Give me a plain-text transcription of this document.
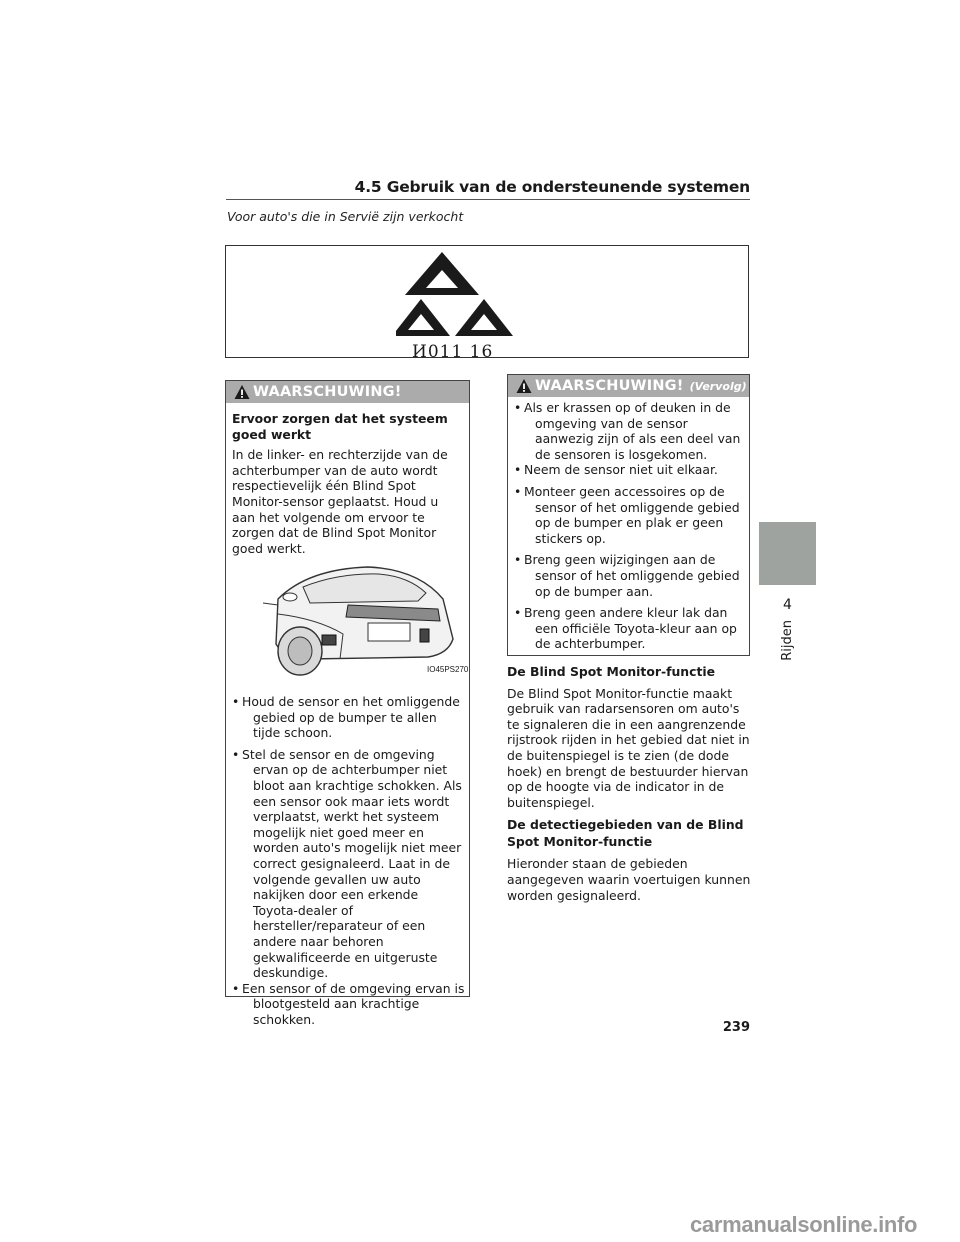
4.5 Gebruik van de ondersteunende systemen
Voor auto's die in Servië zijn verkocht
И011 16
WAARSCHUWING!

Ervoor zorgen dat het systeem goed werkt

In de linker- en rechterzijde van de achterbumper van de auto wordt respectievelijk één Blind Spot Monitor-sensor geplaatst. Houd u aan het volgende om ervoor te zorgen dat de Blind Spot Monitor goed werkt.

IO45PS270
• Houd de sensor en het omliggende gebied op de bumper te allen tijde schoon.
• Stel de sensor en de omgeving ervan op de achterbumper niet bloot aan krachtige schokken. Als een sensor ook maar iets wordt verplaatst, werkt het systeem mogelijk niet goed meer en worden auto's mogelijk niet meer correct gesignaleerd. Laat in de volgende gevallen uw auto nakijken door een erkende Toyota-dealer of hersteller/reparateur of een andere naar behoren gekwalificeerde en uitgeruste deskundige.
• Een sensor of de omgeving ervan is blootgesteld aan krachtige schokken.
WAARSCHUWING! (Vervolg)
• Als er krassen op of deuken in de omgeving van de sensor aanwezig zijn of als een deel van de sensoren is losgekomen.
• Neem de sensor niet uit elkaar.
• Monteer geen accessoires op de sensor of het omliggende gebied op de bumper en plak er geen stickers op.
• Breng geen wijzigingen aan de sensor of het omliggende gebied op de bumper aan.
• Breng geen andere kleur lak dan een officiële Toyota-kleur aan op de achterbumper.

De Blind Spot Monitor-functie

De Blind Spot Monitor-functie maakt gebruik van radarsensoren om auto's te signaleren die in een aangrenzende rijstrook rijden in het gebied dat niet in de buitenspiegel is te zien (de dode hoek) en brengt de bestuurder hiervan op de hoogte via de indicator in de buitenspiegel.

De detectiegebieden van de Blind Spot Monitor-functie

Hieronder staan de gebieden aangegeven waarin voertuigen kunnen worden gesignaleerd.

4
Rijden
239
carmanualsonline.info
